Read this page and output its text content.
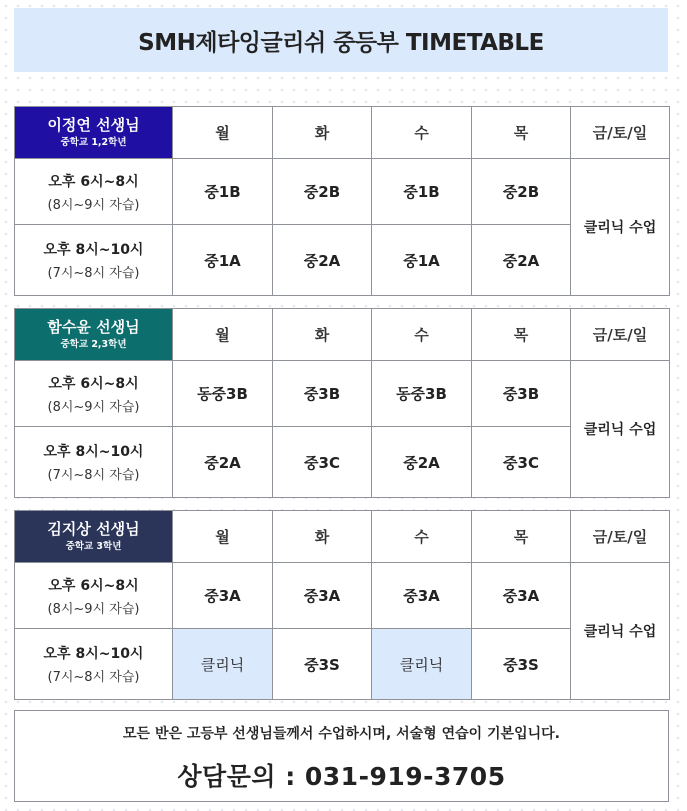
SMH제타잉글리쉬 중등부 TIMETABLE
이정연 선생님
중학교 1,2학년	월	화	수	목	금/토/일

오후 6시~8시
(8시~9시 자습)	중1B	중2B	중1B	중2B	클리닉 수업

오후 8시~10시
(7시~8시 자습)	중1A	중2A	중1A	중2A	
함수윤 선생님
중학교 2,3학년	월	화	수	목	금/토/일

오후 6시~8시
(8시~9시 자습)	동중3B	중3B	동중3B	중3B	클리닉 수업

오후 8시~10시
(7시~8시 자습)	중2A	중3C	중2A	중3C	
김지상 선생님
중학교 3학년	월	화	수	목	금/토/일

오후 6시~8시
(8시~9시 자습)	중3A	중3A	중3A	중3A	클리닉 수업

오후 8시~10시
(7시~8시 자습)	클리닉	중3S	클리닉	중3S	
모든 반은 고등부 선생님들께서 수업하시며, 서술형 연습이 기본입니다.
상담문의 : 031-919-3705
